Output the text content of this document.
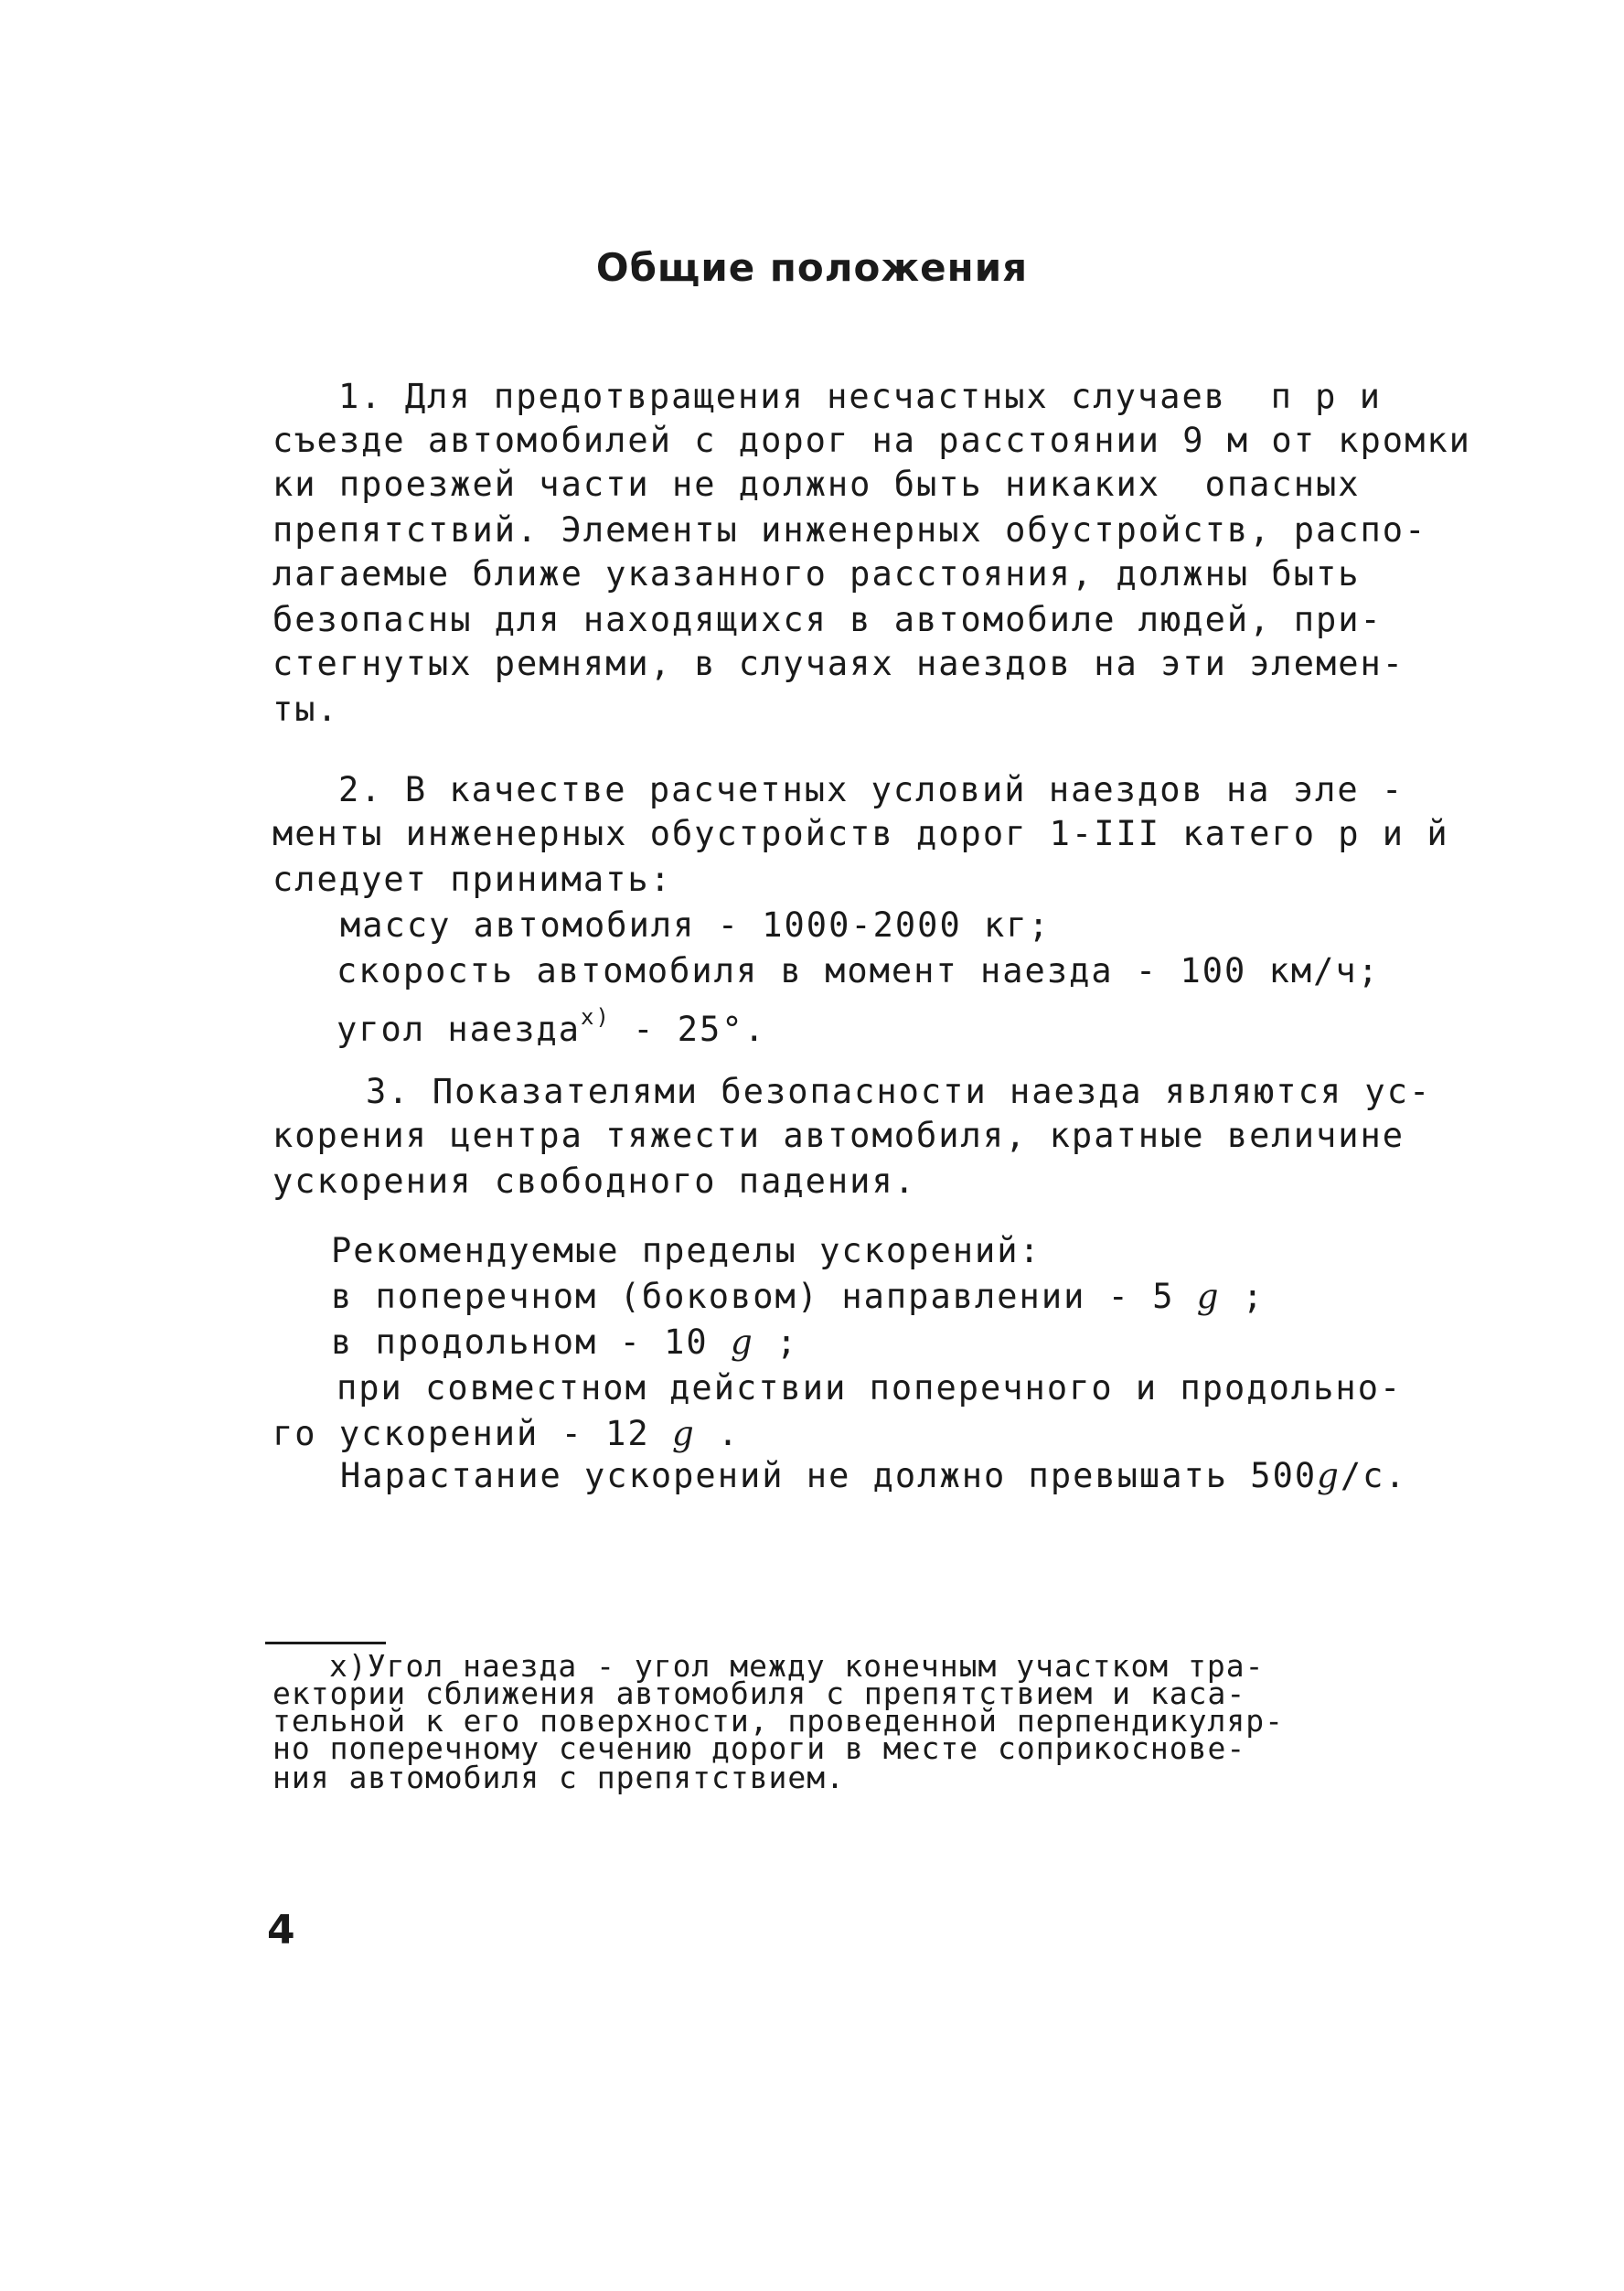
Общие положения
1. Для предотвращения несчастных случаев  п р и
съезде автомобилей с дорог на расстоянии 9 м от кромки
ки проезжей части не должно быть никаких  опасных
препятствий. Элементы инженерных обустройств, распо-
лагаемые ближе указанного расстояния, должны быть
безопасны для находящихся в автомобиле людей, при-
стегнутых ремнями, в случаях наездов на эти элемен-
ты.
2. В качестве расчетных условий наездов на эле -
менты инженерных обустройств дорог 1-III катего р и й
следует принимать:
массу автомобиля - 1000-2000 кг;
скорость автомобиля в момент наезда - 100 км/ч;
угол наезда$^{x)}$ - 25°.
3. Показателями безопасности наезда являются ус-
корения центра тяжести автомобиля, кратные величине
ускорения свободного падения.
Рекомендуемые пределы ускорений:
в поперечном (боковом) направлении - 5 g ;
в продольном - 10 g ;
при совместном действии поперечного и продольно-
го ускорений - 12 g .
Нарастание ускорений не должно превышать 500g/с.
x)Угол наезда - угол между конечным участком тра-
ектории сближения автомобиля с препятствием и каса-
тельной к его поверхности, проведенной перпендикуляр-
но поперечному сечению дороги в месте соприкоснове-
ния автомобиля с препятствием.
4
